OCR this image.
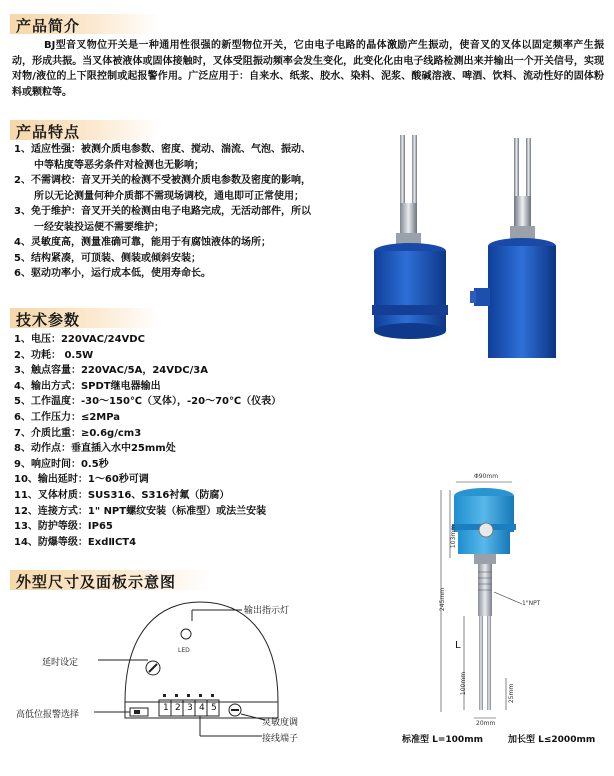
产品简介
BJ型音叉物位开关是一种通用性很强的新型物位开关，它由电子电路的晶体激励产生振动，使音叉的叉体以固定频率产生振动，形成共振。当叉体被液体或固体接触时，叉体受阻振动频率会发生变化，此变化化由电子线路检测出来并输出一个开关信号，实现对物/液位的上下限控制或起报警作用。广泛应用于：自来水、纸浆、胶水、染料、泥浆、酸碱溶液、啤酒、饮料、流动性好的固体粉料或颗粒等。
产品特点
1、适应性强：被测介质电参数、密度、搅动、湍流、气泡、振动、
中等粘度等恶劣条件对检测也无影响；
2、不需调校：音叉开关的检测不受被测介质电参数及密度的影响，
所以无论测量何种介质都不需现场调校，通电即可正常使用；
3、免于维护：音叉开关的检测由电子电路完成，无活动部件，所以
一经安装投运便不需要维护；
4、灵敏度高，测量准确可靠，能用于有腐蚀液体的场所；
5、结构紧凑，可顶装、侧装或倾斜安装；
6、驱动功率小，运行成本低，使用寿命长。
技术参数
1、电压：220VAC/24VDC
2、功耗： 0.5W
3、触点容量：220VAC/5A，24VDC/3A
4、输出方式：SPDT继电器输出
5、工作温度：-30～150℃（叉体），-20～70℃（仪表）
6、工作压力：≤2MPa
7、介质比重：≥0.6g/cm3
8、动作点：垂直插入水中25mm处
9、响应时间：0.5秒
10、输出延时：1～60秒可调
11、叉体材质：SUS316、S316衬氟（防腐）
12、连接方式：1" NPT螺纹安装（标准型）或法兰安装
13、防护等级：IP65
14、防爆等级：ExdⅡCT4
外型尺寸及面板示意图
LED
输出指示灯
延时设定
高低位报警选择
灵敏度调
接线端子
1 2 3 4 5
Φ90mm
103mm
245mm	1"NPT
L
100mm	25mm
20mm
标准型 L=100mm	加长型 L≤2000mm
